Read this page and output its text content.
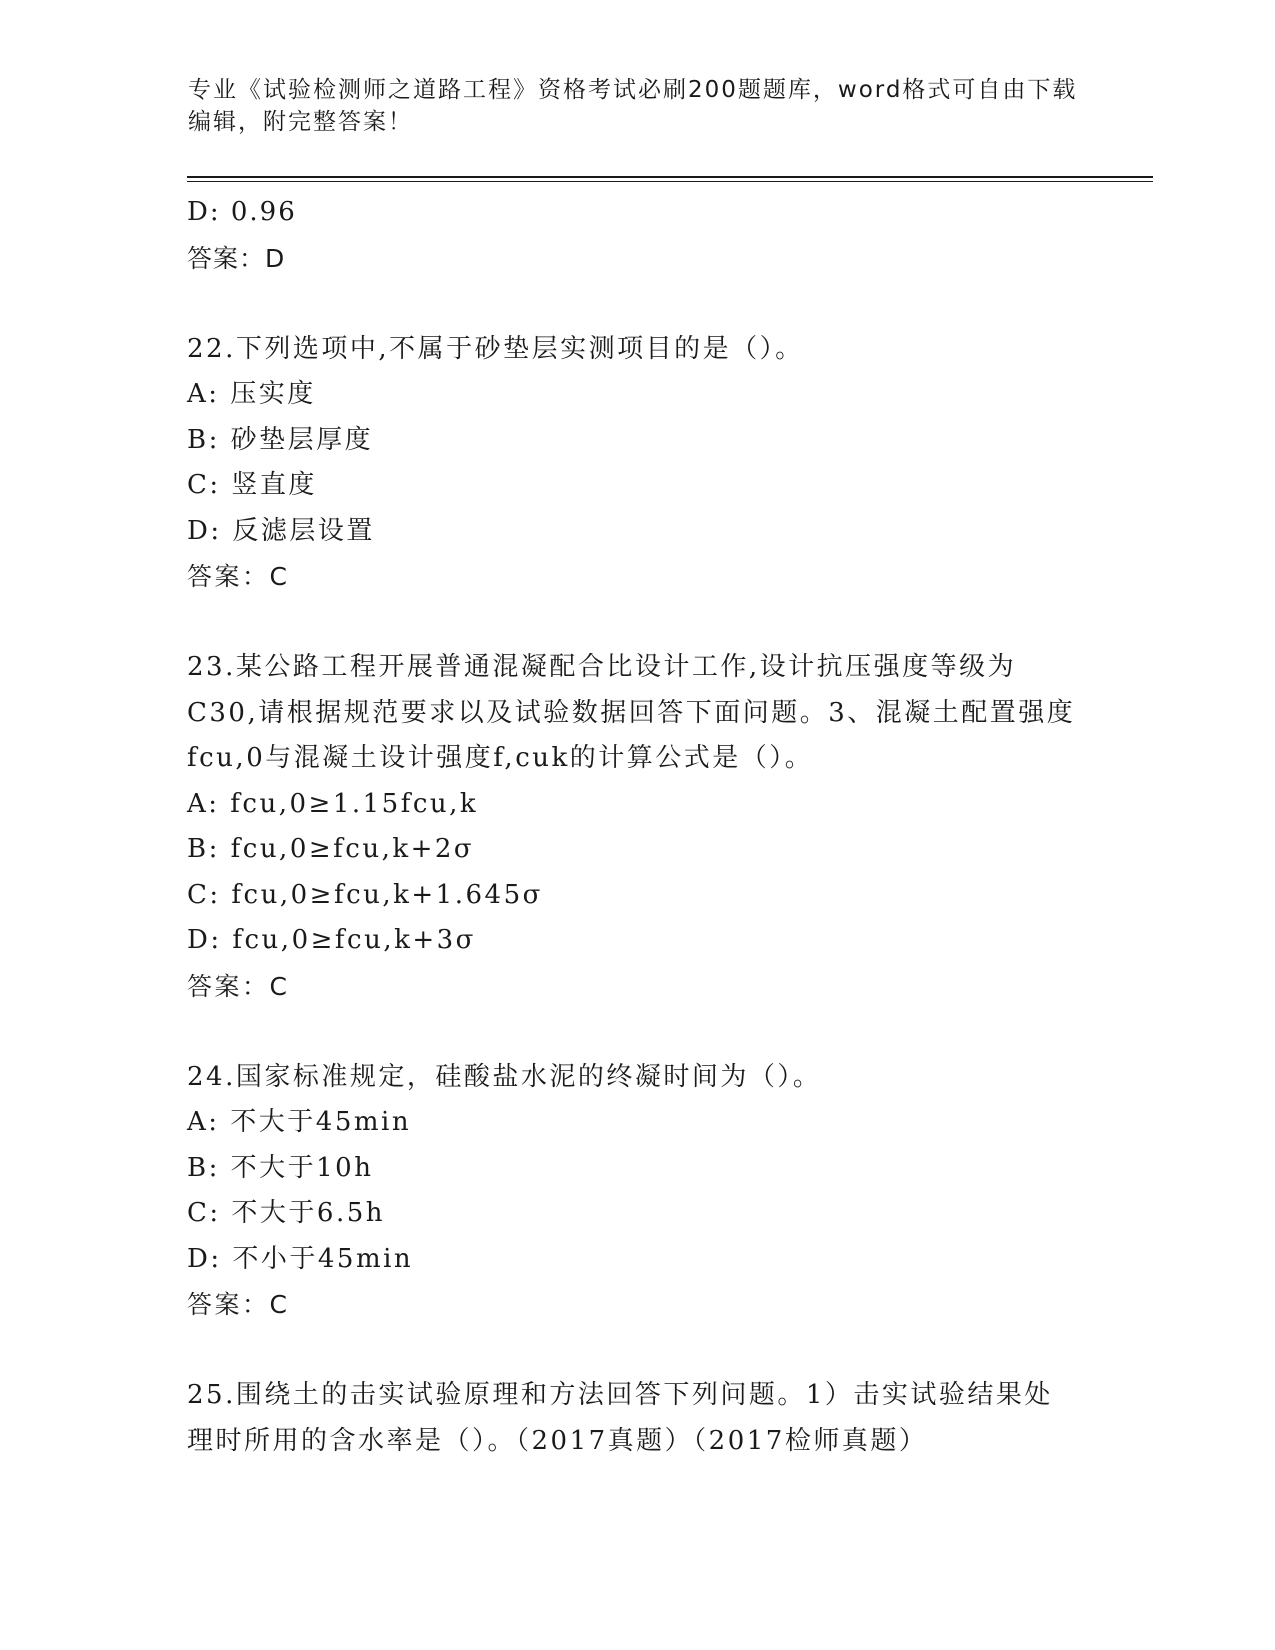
专业《试验检测师之道路工程》资格考试必刷200题题库，word格式可自由下载
编辑，附完整答案！
D: 0.96
答案：D
22.下列选项中,不属于砂垫层实测项目的是（）。
A: 压实度
B: 砂垫层厚度
C: 竖直度
D: 反滤层设置
答案：C
23.某公路工程开展普通混凝配合比设计工作,设计抗压强度等级为
C30,请根据规范要求以及试验数据回答下面问题。3、混凝土配置强度
fcu,0与混凝土设计强度f,cuk的计算公式是（）。
A: fcu,0≥1.15fcu,k
B: fcu,0≥fcu,k+2σ
C: fcu,0≥fcu,k+1.645σ
D: fcu,0≥fcu,k+3σ
答案：C
24.国家标准规定，硅酸盐水泥的终凝时间为（）。
A: 不大于45min
B: 不大于10h
C: 不大于6.5h
D: 不小于45min
答案：C
25.围绕土的击实试验原理和方法回答下列问题。1）击实试验结果处
理时所用的含水率是（）。（2017真题）（2017检师真题）
